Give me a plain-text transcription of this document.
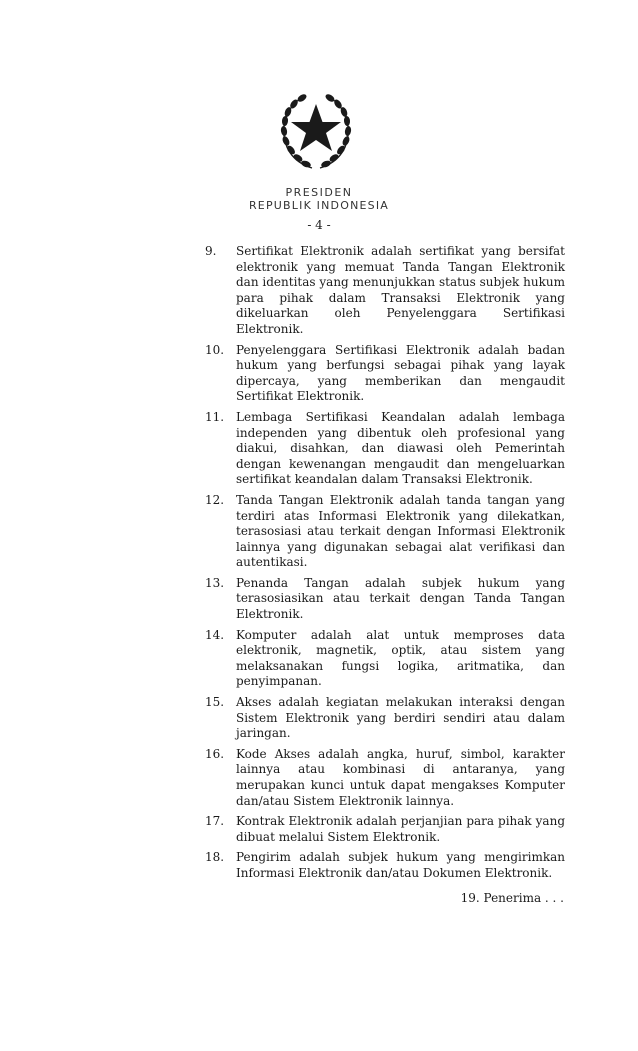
PRESIDEN
REPUBLIK INDONESIA
- 4 -
9.	Sertifikat Elektronik adalah sertifikat yang bersifat elektronik yang memuat Tanda Tangan Elektronik dan identitas yang menunjukkan status subjek hukum para pihak dalam Transaksi Elektronik yang dikeluarkan oleh Penyelenggara Sertifikasi Elektronik.
10. Penyelenggara Sertifikasi Elektronik adalah badan hukum yang berfungsi sebagai pihak yang layak dipercaya, yang memberikan dan mengaudit Sertifikat Elektronik.
11. Lembaga Sertifikasi Keandalan adalah lembaga independen yang dibentuk oleh profesional yang diakui, disahkan, dan diawasi oleh Pemerintah dengan kewenangan mengaudit dan mengeluarkan sertifikat keandalan dalam Transaksi Elektronik.
12. Tanda Tangan Elektronik adalah tanda tangan yang terdiri atas Informasi Elektronik yang dilekatkan, terasosiasi atau terkait dengan Informasi Elektronik lainnya yang digunakan sebagai alat verifikasi dan autentikasi.
13. Penanda Tangan adalah subjek hukum yang terasosiasikan atau terkait dengan Tanda Tangan Elektronik.
14. Komputer adalah alat untuk memproses data elektronik, magnetik, optik, atau sistem yang melaksanakan fungsi logika, aritmatika, dan penyimpanan.
15. Akses adalah kegiatan melakukan interaksi dengan Sistem Elektronik yang berdiri sendiri atau dalam jaringan.
16. Kode Akses adalah angka, huruf, simbol, karakter lainnya atau kombinasi di antaranya, yang merupakan kunci untuk dapat mengakses Komputer dan/atau Sistem Elektronik lainnya.
17. Kontrak Elektronik adalah perjanjian para pihak yang dibuat melalui Sistem Elektronik.
18. Pengirim adalah subjek hukum yang mengirimkan Informasi Elektronik dan/atau Dokumen Elektronik.
19. Penerima . . .
